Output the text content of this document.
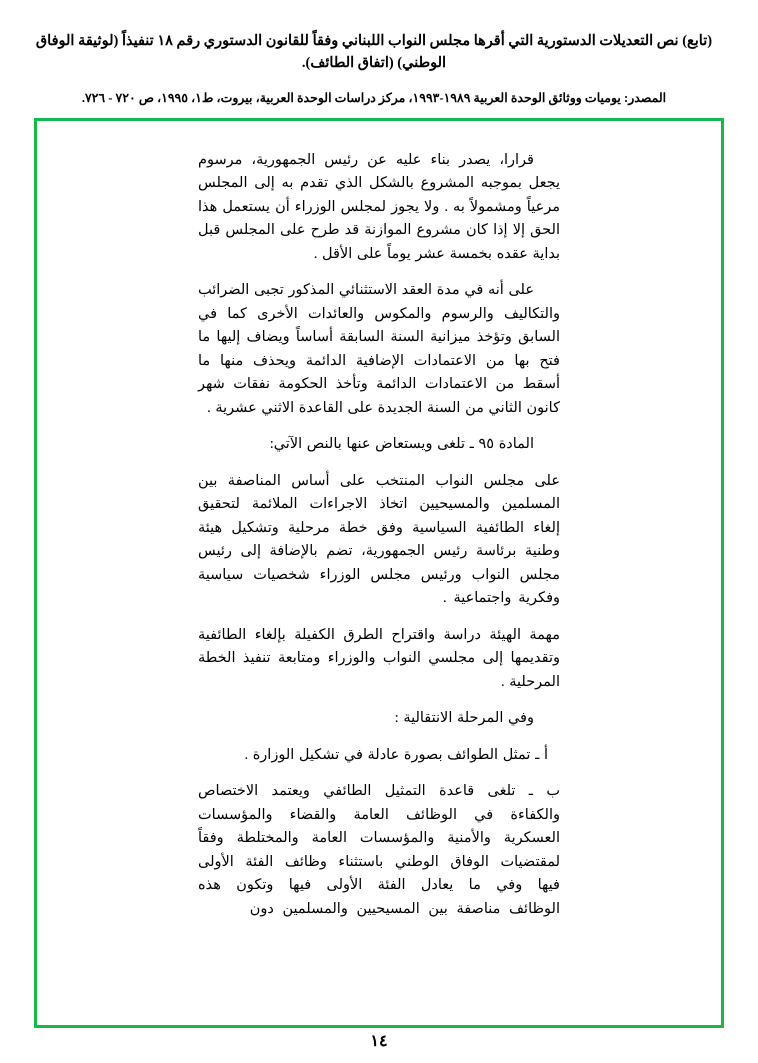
(تابع) نص التعديلات الدستورية التي أقرها مجلس النواب اللبناني وفقاً للقانون الدستوري رقم ١٨ تنفيذاً (لوثيقة الوفاق الوطني) (اتفاق الطائف).
المصدر: يوميات ووثائق الوحدة العربية ١٩٨٩-١٩٩٣، مركز دراسات الوحدة العربية، بيروت، ط١، ١٩٩٥، ص ٧٢٠ - ٧٢٦.

قرارا، يصدر بناء عليه عن رئيس الجمهورية، مرسوم يجعل بموجبه المشروع بالشكل الذي تقدم به إلى المجلس مرعياً ومشمولاً به . ولا يجوز لمجلس الوزراء أن يستعمل هذا الحق إلا إذا كان مشروع الموازنة قد طرح على المجلس قبل بداية عقده بخمسة عشر يوماً على الأقل .

على أنه في مدة العقد الاستثنائي المذكور تجبى الضرائب والتكاليف والرسوم والمكوس والعائدات الأخرى كما في السابق وتؤخذ ميزانية السنة السابقة أساساً ويضاف إليها ما فتح بها من الاعتمادات الإضافية الدائمة ويحذف منها ما أسقط من الاعتمادات الدائمة وتأخذ الحكومة نفقات شهر كانون الثاني من السنة الجديدة على القاعدة الاثني عشرية .

المادة ٩٥ ـ تلغى ويستعاض عنها بالنص الآتي:

على مجلس النواب المنتخب على أساس المناصفة بين المسلمين والمسيحيين اتخاذ الاجراءات الملائمة لتحقيق إلغاء الطائفية السياسية وفق خطة مرحلية وتشكيل هيئة وطنية برئاسة رئيس الجمهورية، تضم بالإضافة إلى رئيس مجلس النواب ورئيس مجلس الوزراء شخصيات سياسية وفكرية واجتماعية .

مهمة الهيئة دراسة واقتراح الطرق الكفيلة بإلغاء الطائفية وتقديمها إلى مجلسي النواب والوزراء ومتابعة تنفيذ الخطة المرحلية .

وفي المرحلة الانتقالية :

أ ـ تمثل الطوائف بصورة عادلة في تشكيل الوزارة .

ب ـ تلغى قاعدة التمثيل الطائفي ويعتمد الاختصاص والكفاءة في الوظائف العامة والقضاء والمؤسسات العسكرية والأمنية والمؤسسات العامة والمختلطة وفقاً لمقتضيات الوفاق الوطني باستثناء وظائف الفئة الأولى فيها وفي ما يعادل الفئة الأولى فيها وتكون هذه الوظائف مناصفة بين المسيحيين والمسلمين دون

١٤
